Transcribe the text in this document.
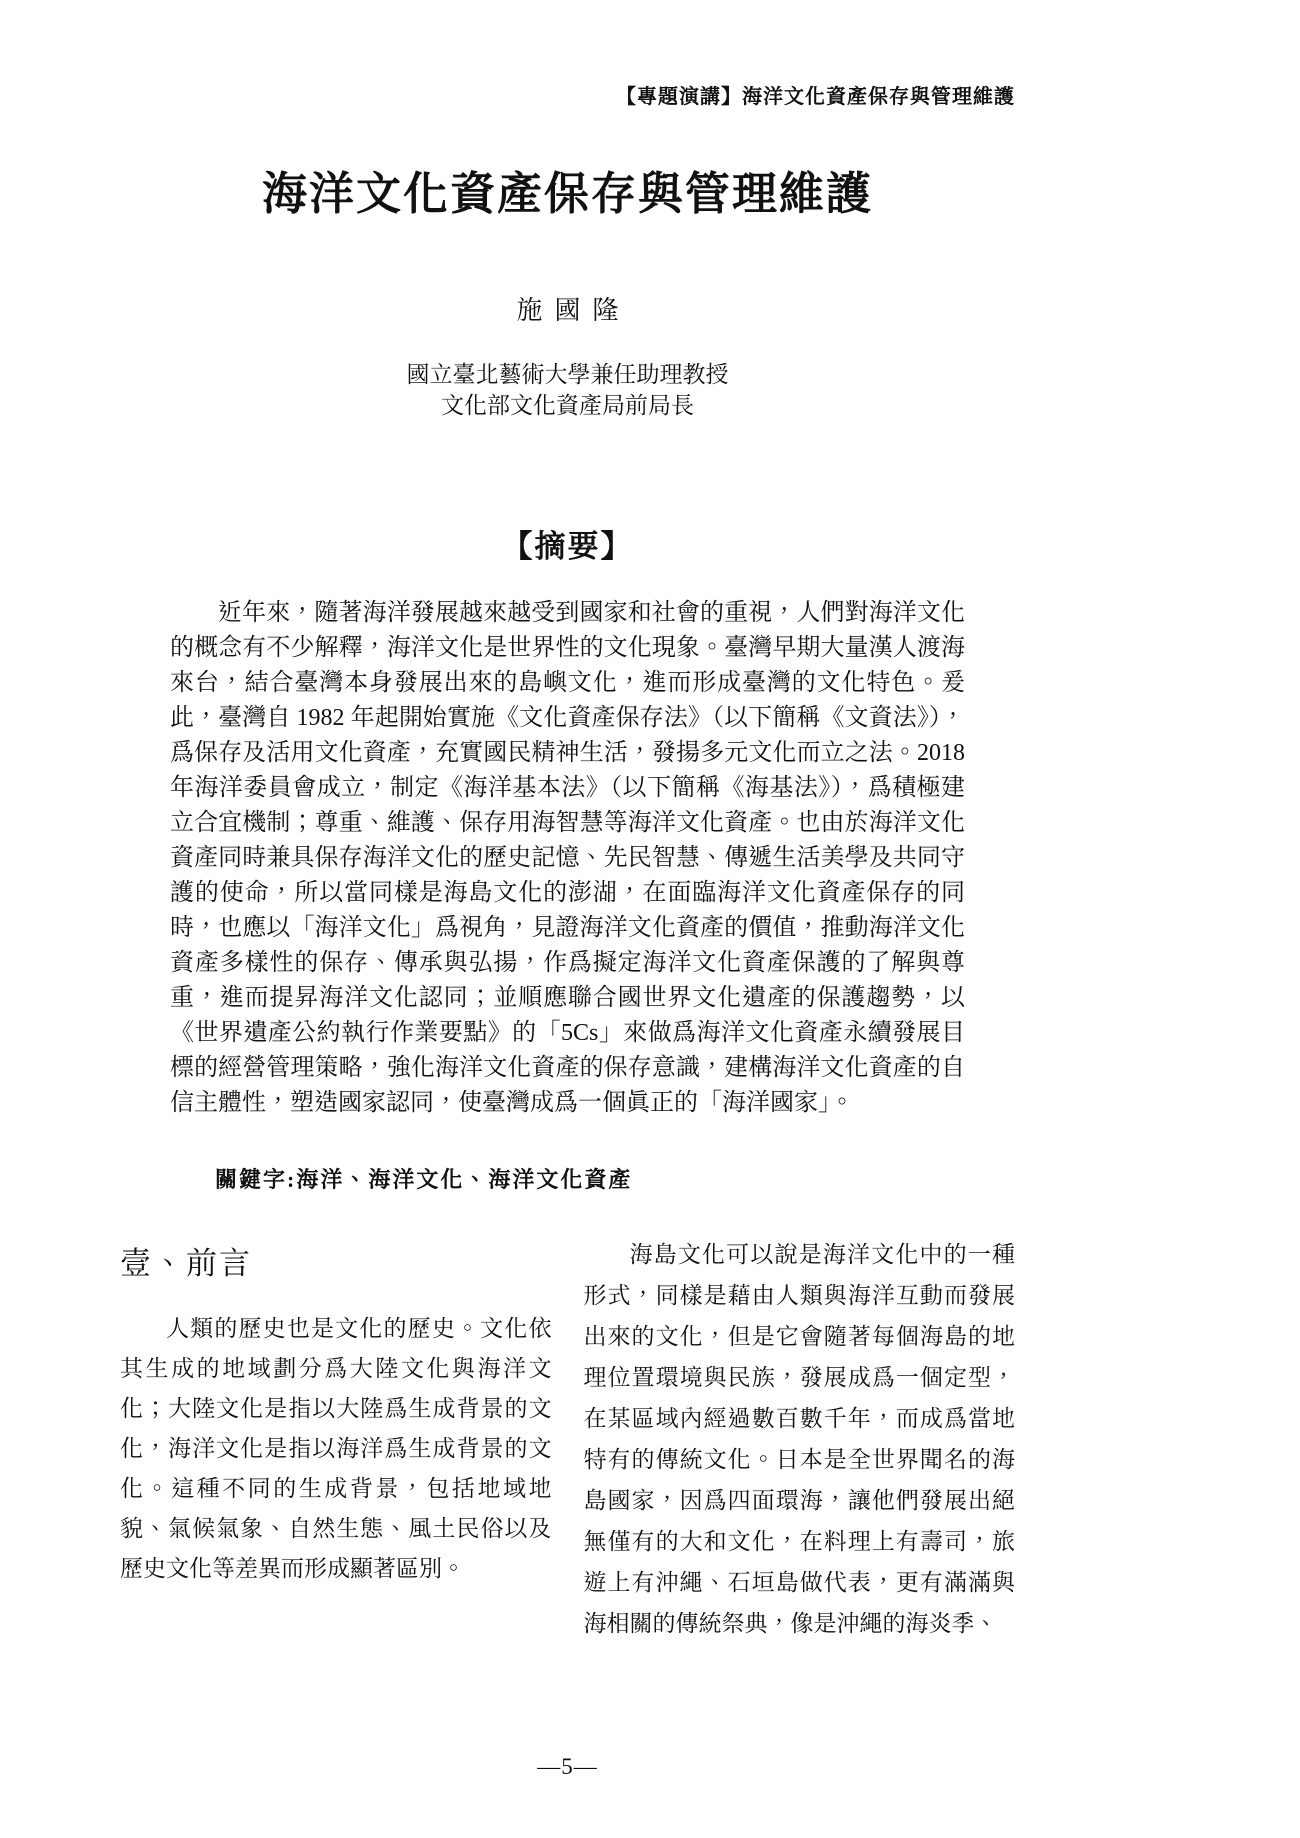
【專題演講】海洋文化資產保存與管理維護
海洋文化資產保存與管理維護
施國隆
國立臺北藝術大學兼任助理教授
文化部文化資產局前局長
【摘要】

近年來，隨著海洋發展越來越受到國家和社會的重視，人們對海洋文化的概念有不少解釋，海洋文化是世界性的文化現象。臺灣早期大量漢人渡海來台，結合臺灣本身發展出來的島嶼文化，進而形成臺灣的文化特色。爰此，臺灣自 1982 年起開始實施《文化資產保存法》（以下簡稱《文資法》），爲保存及活用文化資產，充實國民精神生活，發揚多元文化而立之法。2018 年海洋委員會成立，制定《海洋基本法》（以下簡稱《海基法》），爲積極建立合宜機制；尊重、維護、保存用海智慧等海洋文化資產。也由於海洋文化資產同時兼具保存海洋文化的歷史記憶、先民智慧、傳遞生活美學及共同守護的使命，所以當同樣是海島文化的澎湖，在面臨海洋文化資產保存的同時，也應以「海洋文化」爲視角，見證海洋文化資產的價值，推動海洋文化資產多樣性的保存、傳承與弘揚，作爲擬定海洋文化資產保護的了解與尊重，進而提昇海洋文化認同；並順應聯合國世界文化遺產的保護趨勢，以《世界遺產公約執行作業要點》的「5Cs」來做爲海洋文化資產永續發展目標的經營管理策略，強化海洋文化資產的保存意識，建構海洋文化資產的自信主體性，塑造國家認同，使臺灣成爲一個眞正的「海洋國家」。

關鍵字:海洋、海洋文化、海洋文化資產

壹、前言

人類的歷史也是文化的歷史。文化依其生成的地域劃分爲大陸文化與海洋文化；大陸文化是指以大陸爲生成背景的文化，海洋文化是指以海洋爲生成背景的文化。這種不同的生成背景，包括地域地貌、氣候氣象、自然生態、風土民俗以及歷史文化等差異而形成顯著區別。

海島文化可以說是海洋文化中的一種形式，同樣是藉由人類與海洋互動而發展出來的文化，但是它會隨著每個海島的地理位置環境與民族，發展成爲一個定型，在某區域內經過數百數千年，而成爲當地特有的傳統文化。日本是全世界聞名的海島國家，因爲四面環海，讓他們發展出絕無僅有的大和文化，在料理上有壽司，旅遊上有沖繩、石垣島做代表，更有滿滿與海相關的傳統祭典，像是沖繩的海炎季、

—5—
